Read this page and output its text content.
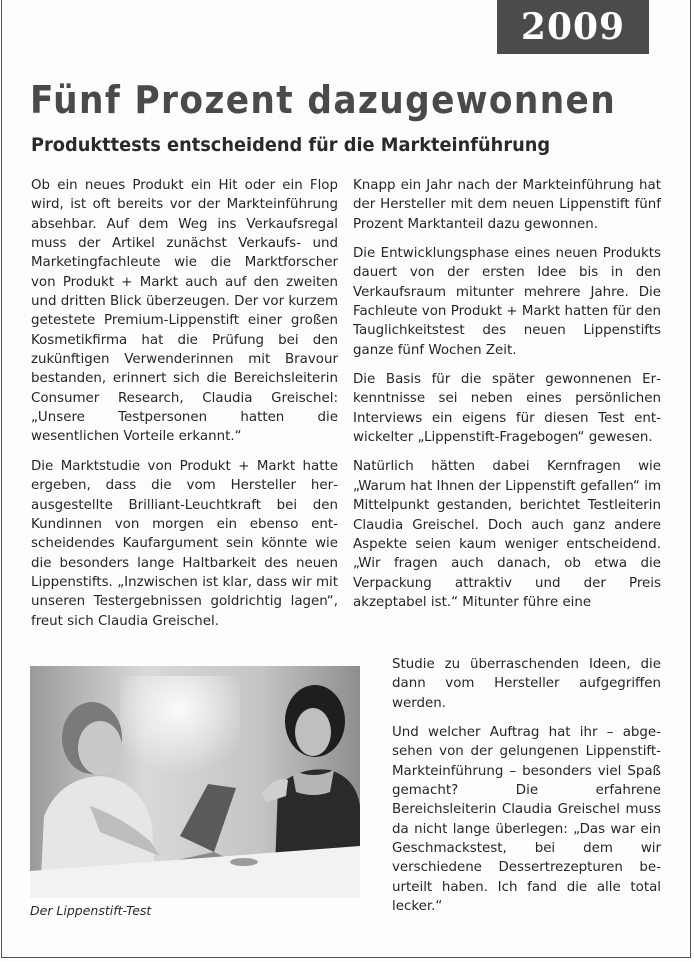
2009
Fünf Prozent dazugewonnen
Produkttests entscheidend für die Markteinführung

Ob ein neues Produkt ein Hit oder ein Flop wird, ist oft bereits vor der Markteinführung absehbar. Auf dem Weg ins Verkaufsregal muss der Artikel zunächst Verkaufs- und Marketingfachleute wie die Marktforscher von Produkt + Markt auch auf den zweiten und dritten Blick überzeugen. Der vor kurzem getestete Premium-Lippenstift einer großen Kosmetikfirma hat die Prüfung bei den zukünftigen Verwenderinnen mit Bravour bestanden, erinnert sich die Bereichsleiterin Consumer Research, Claudia Greischel: „Unsere Testpersonen hatten die wesentlichen Vorteile erkannt.“

Die Marktstudie von Produkt + Markt hatte ergeben, dass die vom Hersteller herausgestellte Brilliant-Leuchtkraft bei den Kundinnen von morgen ein ebenso entscheidendes Kaufargument sein könnte wie die besonders lange Haltbarkeit des neuen Lippenstifts. „Inzwischen ist klar, dass wir mit unseren Testergebnissen goldrichtig lagen“, freut sich Claudia Greischel.

Knapp ein Jahr nach der Markteinführung hat der Hersteller mit dem neuen Lippenstift fünf Prozent Marktanteil dazu gewonnen.

Die Entwicklungsphase eines neuen Produkts dauert von der ersten Idee bis in den Verkaufsraum mitunter mehrere Jahre. Die Fachleute von Produkt + Markt hatten für den Tauglichkeitstest des neuen Lippenstifts ganze fünf Wochen Zeit.

Die Basis für die später gewonnenen Erkenntnisse sei neben eines persönlichen Interviews ein eigens für diesen Test entwickelter „Lippenstift-Fragebogen“ gewesen.

Natürlich hätten dabei Kernfragen wie „Warum hat Ihnen der Lippenstift gefallen“ im Mittelpunkt gestanden, berichtet Testleiterin Claudia Greischel. Doch auch ganz andere Aspekte seien kaum weniger entscheidend. „Wir fragen auch danach, ob etwa die Verpackung attraktiv und der Preis akzeptabel ist.“ Mitunter führe eine

Studie zu überraschenden Ideen, die dann vom Hersteller aufgegriffen werden.

Und welcher Auftrag hat ihr – abgesehen von der gelungenen Lippenstift-Markteinführung – besonders viel Spaß gemacht? Die erfahrene Bereichsleiterin Claudia Greischel muss da nicht lange überlegen: „Das war ein Geschmackstest, bei dem wir verschiedene Dessertrezepturen beurteilt haben. Ich fand die alle total lecker.“

Der Lippenstift-Test
